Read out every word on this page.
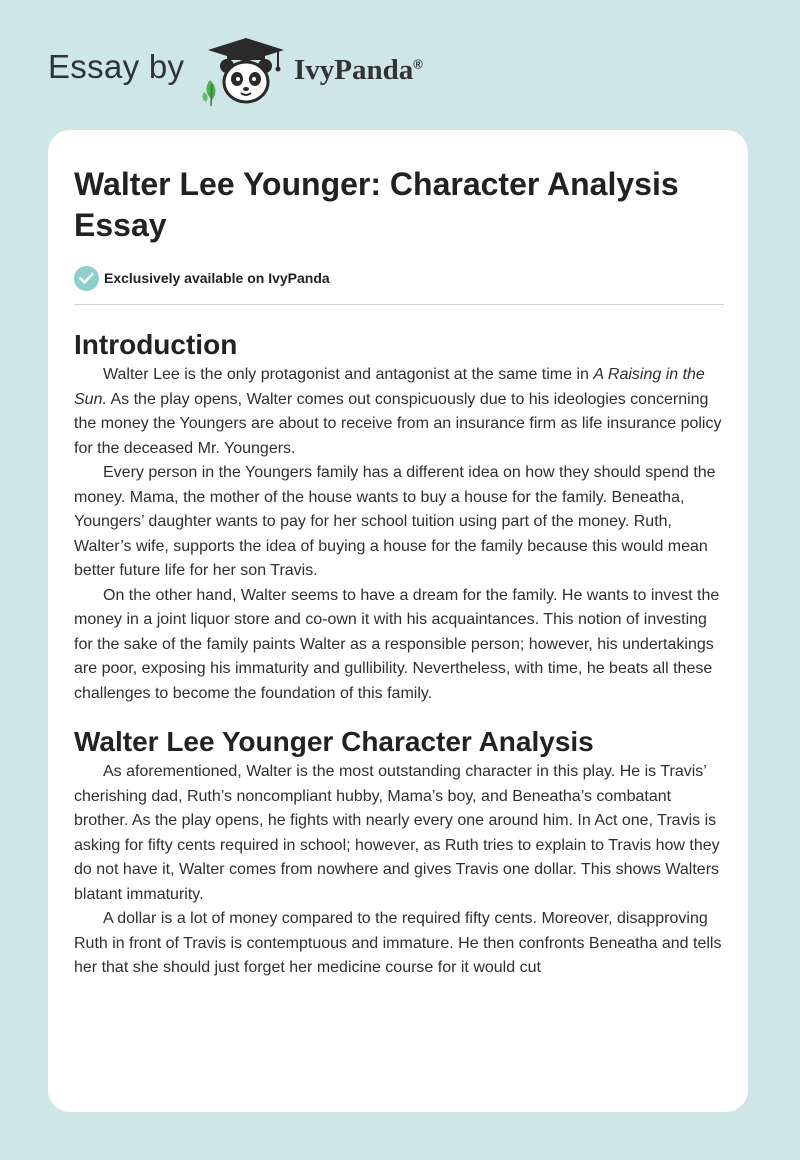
Essay by	IvyPanda®
Walter Lee Younger: Character Analysis Essay
Exclusively available on IvyPanda
Introduction

Walter Lee is the only protagonist and antagonist at the same time in A Raising in the Sun. As the play opens, Walter comes out conspicuously due to his ideologies concerning the money the Youngers are about to receive from an insurance firm as life insurance policy for the deceased Mr. Youngers.

Every person in the Youngers family has a different idea on how they should spend the money. Mama, the mother of the house wants to buy a house for the family. Beneatha, Youngers’ daughter wants to pay for her school tuition using part of the money. Ruth, Walter’s wife, supports the idea of buying a house for the family because this would mean better future life for her son Travis.

On the other hand, Walter seems to have a dream for the family. He wants to invest the money in a joint liquor store and co-own it with his acquaintances. This notion of investing for the sake of the family paints Walter as a responsible person; however, his undertakings are poor, exposing his immaturity and gullibility. Nevertheless, with time, he beats all these challenges to become the foundation of this family.

Walter Lee Younger Character Analysis

As aforementioned, Walter is the most outstanding character in this play. He is Travis’ cherishing dad, Ruth’s noncompliant hubby, Mama’s boy, and Beneatha’s combatant brother. As the play opens, he fights with nearly every one around him. In Act one, Travis is asking for fifty cents required in school; however, as Ruth tries to explain to Travis how they do not have it, Walter comes from nowhere and gives Travis one dollar. This shows Walters blatant immaturity.

A dollar is a lot of money compared to the required fifty cents. Moreover, disapproving Ruth in front of Travis is contemptuous and immature. He then confronts Beneatha and tells her that she should just forget her medicine course for it would cut
